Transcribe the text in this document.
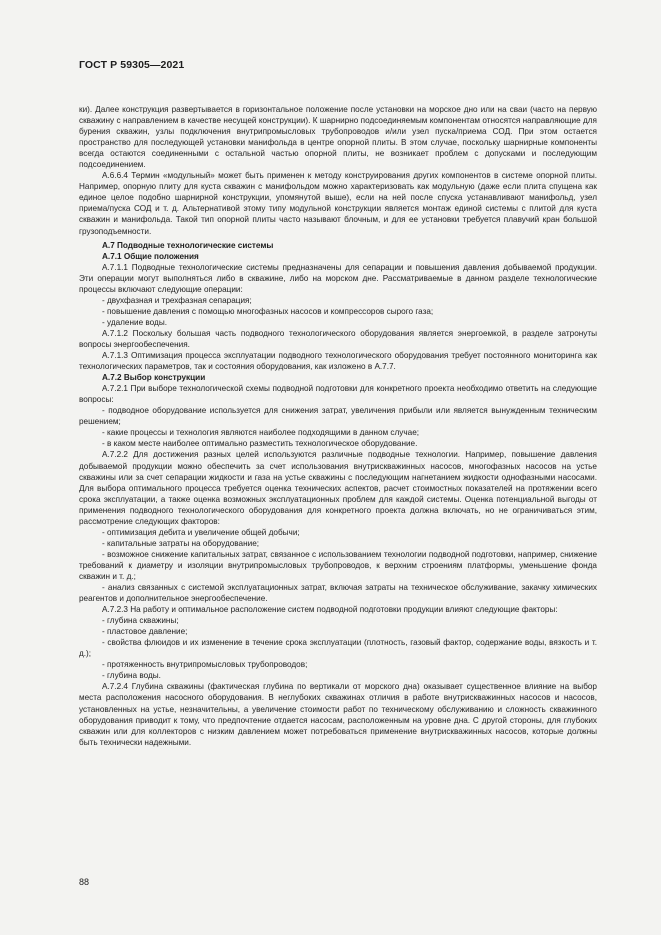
ГОСТ Р 59305—2021

ки). Далее конструкция развертывается в горизонтальное положение после установки на морское дно или на сваи (часто на первую скважину с направлением в качестве несущей конструкции). К шарнирно подсоединяемым компонентам относятся направляющие для бурения скважин, узлы подключения внутрипромысловых трубопроводов и/или узел пуска/приема СОД. При этом остается пространство для последующей установки манифольда в центре опорной плиты. В этом случае, поскольку шарнирные компоненты всегда остаются соединенными с остальной частью опорной плиты, не возникает проблем с допусками и последующим подсоединением.

А.6.6.4 Термин «модульный» может быть применен к методу конструирования других компонентов в системе опорной плиты. Например, опорную плиту для куста скважин с манифольдом можно характеризовать как модульную (даже если плита спущена как единое целое подобно шарнирной конструкции, упомянутой выше), если на ней после спуска устанавливают манифольд, узел приема/пуска СОД и т. д. Альтернативой этому типу модульной конструкции является монтаж единой системы с плитой для куста скважин и манифольда. Такой тип опорной плиты часто называют блочным, и для ее установки требуется плавучий кран большой грузоподъемности.

А.7 Подводные технологические системы

А.7.1 Общие положения

А.7.1.1 Подводные технологические системы предназначены для сепарации и повышения давления добываемой продукции. Эти операции могут выполняться либо в скважине, либо на морском дне. Рассматриваемые в данном разделе технологические процессы включают следующие операции:

- двухфазная и трехфазная сепарация;

- повышение давления с помощью многофазных насосов и компрессоров сырого газа;

- удаление воды.

А.7.1.2 Поскольку большая часть подводного технологического оборудования является энергоемкой, в разделе затронуты вопросы энергообеспечения.

А.7.1.3 Оптимизация процесса эксплуатации подводного технологического оборудования требует постоянного мониторинга как технологических параметров, так и состояния оборудования, как изложено в А.7.7.

А.7.2 Выбор конструкции

А.7.2.1 При выборе технологической схемы подводной подготовки для конкретного проекта необходимо ответить на следующие вопросы:

- подводное оборудование используется для снижения затрат, увеличения прибыли или является вынужденным техническим решением;

- какие процессы и технология являются наиболее подходящими в данном случае;

- в каком месте наиболее оптимально разместить технологическое оборудование.

А.7.2.2 Для достижения разных целей используются различные подводные технологии. Например, повышение давления добываемой продукции можно обеспечить за счет использования внутрискважинных насосов, многофазных насосов на устье скважины или за счет сепарации жидкости и газа на устье скважины с последующим нагнетанием жидкости однофазными насосами. Для выбора оптимального процесса требуется оценка технических аспектов, расчет стоимостных показателей на протяжении всего срока эксплуатации, а также оценка возможных эксплуатационных проблем для каждой системы. Оценка потенциальной выгоды от применения подводного технологического оборудования для конкретного проекта должна включать, но не ограничиваться этим, рассмотрение следующих факторов:

- оптимизация дебита и увеличение общей добычи;

- капитальные затраты на оборудование;

- возможное снижение капитальных затрат, связанное с использованием технологии подводной подготовки, например, снижение требований к диаметру и изоляции внутрипромысловых трубопроводов, к верхним строениям платформы, уменьшение фонда скважин и т. д.;

- анализ связанных с системой эксплуатационных затрат, включая затраты на техническое обслуживание, закачку химических реагентов и дополнительное энергообеспечение.

А.7.2.3 На работу и оптимальное расположение систем подводной подготовки продукции влияют следующие факторы:

- глубина скважины;

- пластовое давление;

- свойства флюидов и их изменение в течение срока эксплуатации (плотность, газовый фактор, содержание воды, вязкость и т. д.);

- протяженность внутрипромысловых трубопроводов;

- глубина воды.

А.7.2.4 Глубина скважины (фактическая глубина по вертикали от морского дна) оказывает существенное влияние на выбор места расположения насосного оборудования. В неглубоких скважинах отличия в работе внутрискважинных насосов и насосов, установленных на устье, незначительны, а увеличение стоимости работ по техническому обслуживанию и сложность скважинного оборудования приводит к тому, что предпочтение отдается насосам, расположенным на уровне дна. С другой стороны, для глубоких скважин или для коллекторов с низким давлением может потребоваться применение внутрискважинных насосов, которые должны быть технически надежными.

88
